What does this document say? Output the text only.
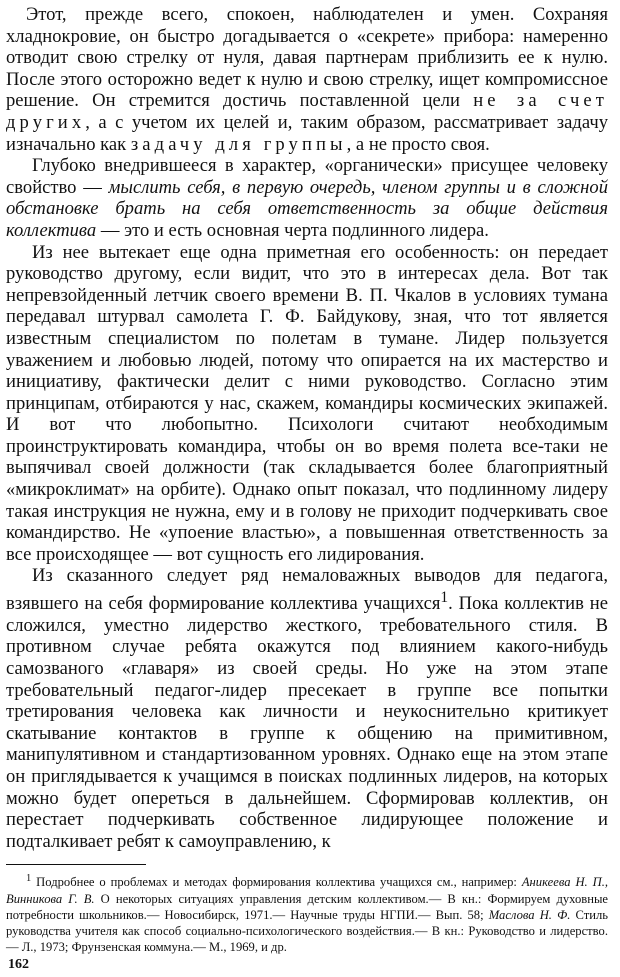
Этот, прежде всего, спокоен, наблюдателен и умен. Сохраняя хладнокровие, он быстро догадывается о «секрете» прибора: намеренно отводит свою стрелку от нуля, давая партнерам приблизить ее к нулю. После этого осторожно ведет к нулю и свою стрелку, ищет компромиссное решение. Он стремится достичь поставленной цели не за счет других, а с учетом их целей и, таким образом, рассматривает задачу изначально как задачу для группы, а не просто своя.

Глубоко внедрившееся в характер, «органически» присущее человеку свойство — мыслить себя, в первую очередь, членом группы и в сложной обстановке брать на себя ответственность за общие действия коллектива — это и есть основная черта подлинного лидера.

Из нее вытекает еще одна приметная его особенность: он передает руководство другому, если видит, что это в интересах дела. Вот так непревзойденный летчик своего времени В. П. Чкалов в условиях тумана передавал штурвал самолета Г. Ф. Байдукову, зная, что тот является известным специалистом по полетам в тумане. Лидер пользуется уважением и любовью людей, потому что опирается на их мастерство и инициативу, фактически делит с ними руководство. Согласно этим принципам, отбираются у нас, скажем, командиры космических экипажей. И вот что любопытно. Психологи считают необходимым проинструктировать командира, чтобы он во время полета все-таки не выпячивал своей должности (так складывается более благоприятный «микроклимат» на орбите). Однако опыт показал, что подлинному лидеру такая инструкция не нужна, ему и в голову не приходит подчеркивать свое командирство. Не «упоение властью», а повышенная ответственность за все происходящее — вот сущность его лидирования.

Из сказанного следует ряд немаловажных выводов для педагога, взявшего на себя формирование коллектива учащихся$^1$. Пока коллектив не сложился, уместно лидерство жесткого, требовательного стиля. В противном случае ребята окажутся под влиянием какого-нибудь самозваного «главаря» из своей среды. Но уже на этом этапе требовательный педагог-лидер пресекает в группе все попытки третирования человека как личности и неукоснительно критикует скатывание контактов в группе к общению на примитивном, манипулятивном и стандартизованном уровнях. Однако еще на этом этапе он приглядывается к учащимся в поисках подлинных лидеров, на которых можно будет опереться в дальнейшем. Сформировав коллектив, он перестает подчеркивать собственное лидирующее положение и подталкивает ребят к самоуправлению, к

$^1$ Подробнее о проблемах и методах формирования коллектива учащихся см., например: Аникеева Н. П., Винникова Г. В. О некоторых ситуациях управления детским коллективом.— В кн.: Формируем духовные потребности школьников.— Новосибирск, 1971.— Научные труды НГПИ.— Вып. 58; Маслова Н. Ф. Стиль руководства учителя как способ социально-психологического воздействия.— В кн.: Руководство и лидерство.— Л., 1973; Фрунзенская коммуна.— М., 1969, и др.

162
